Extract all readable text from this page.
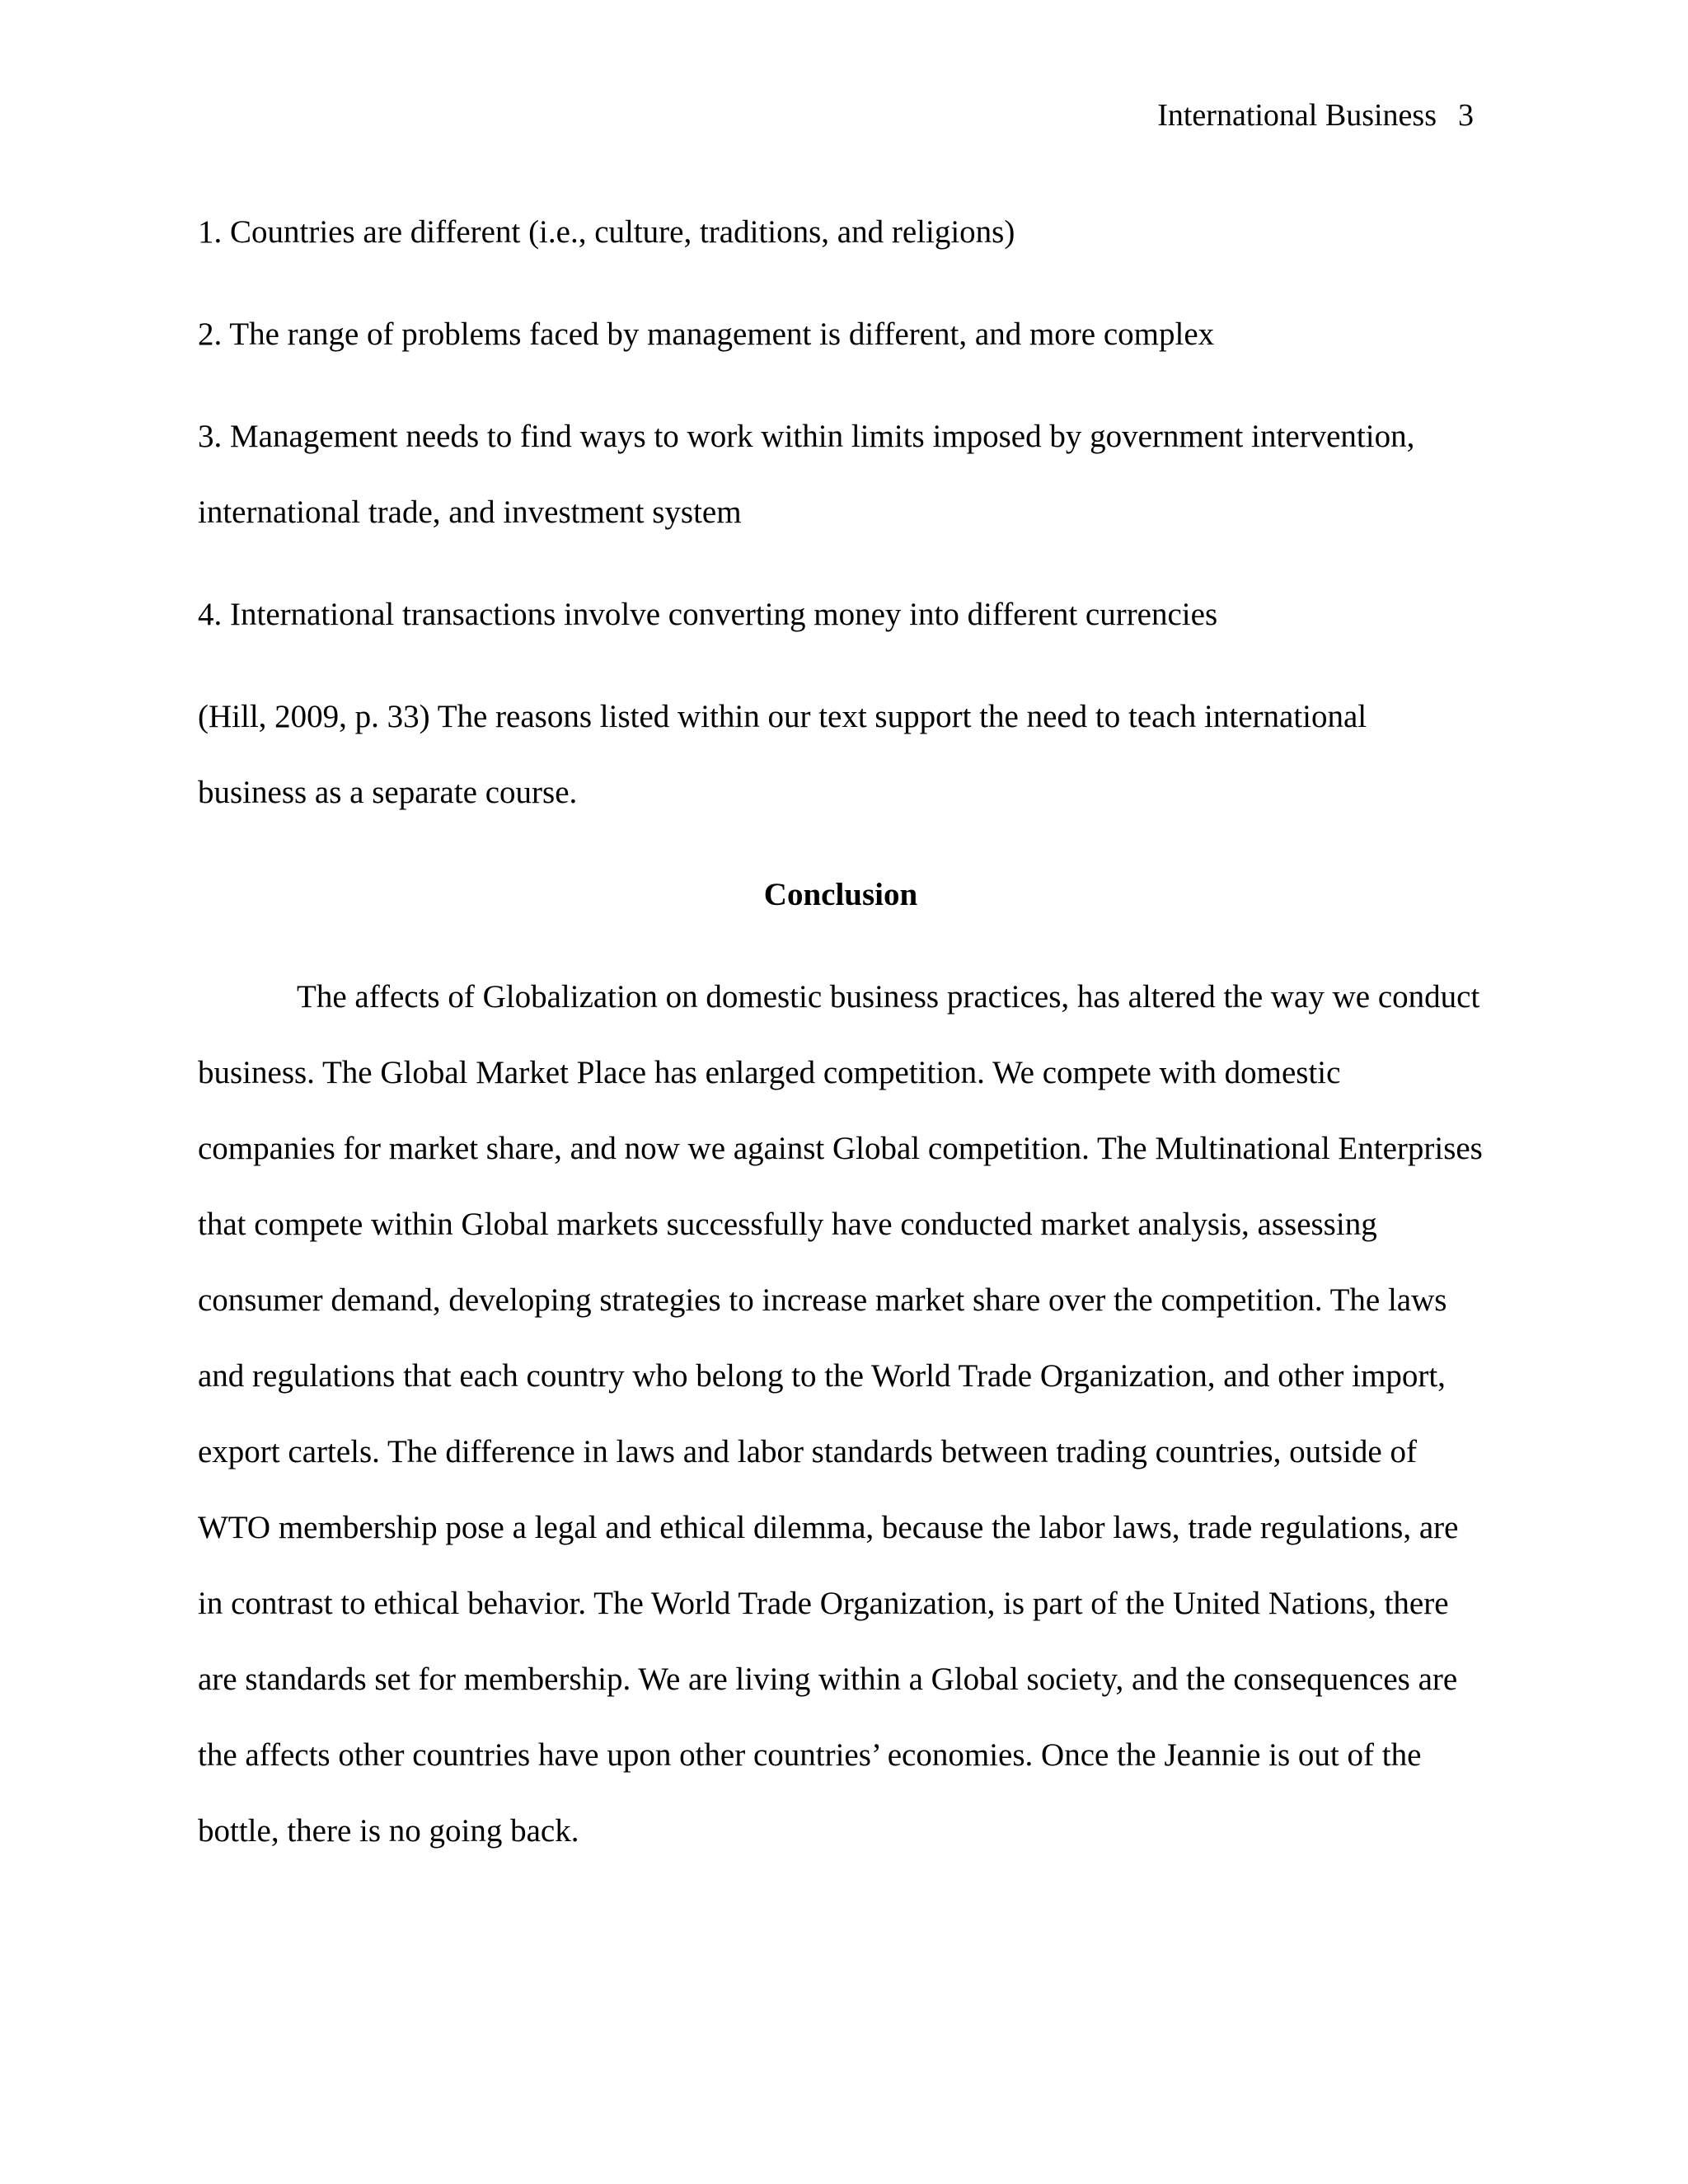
International Business 3

1. Countries are different (i.e., culture, traditions, and religions)

2. The range of problems faced by management is different, and more complex

3. Management needs to find ways to work within limits imposed by government intervention, international trade, and investment system

4. International transactions involve converting money into different currencies

(Hill, 2009, p. 33) The reasons listed within our text support the need to teach international business as a separate course.

Conclusion

The affects of Globalization on domestic business practices, has altered the way we conduct business. The Global Market Place has enlarged competition. We compete with domestic companies for market share, and now we against Global competition. The Multinational Enterprises that compete within Global markets successfully have conducted market analysis, assessing consumer demand, developing strategies to increase market share over the competition. The laws and regulations that each country who belong to the World Trade Organization, and other import, export cartels. The difference in laws and labor standards between trading countries, outside of WTO membership pose a legal and ethical dilemma, because the labor laws, trade regulations, are in contrast to ethical behavior. The World Trade Organization, is part of the United Nations, there are standards set for membership. We are living within a Global society, and the consequences are the affects other countries have upon other countries’ economies. Once the Jeannie is out of the bottle, there is no going back.
